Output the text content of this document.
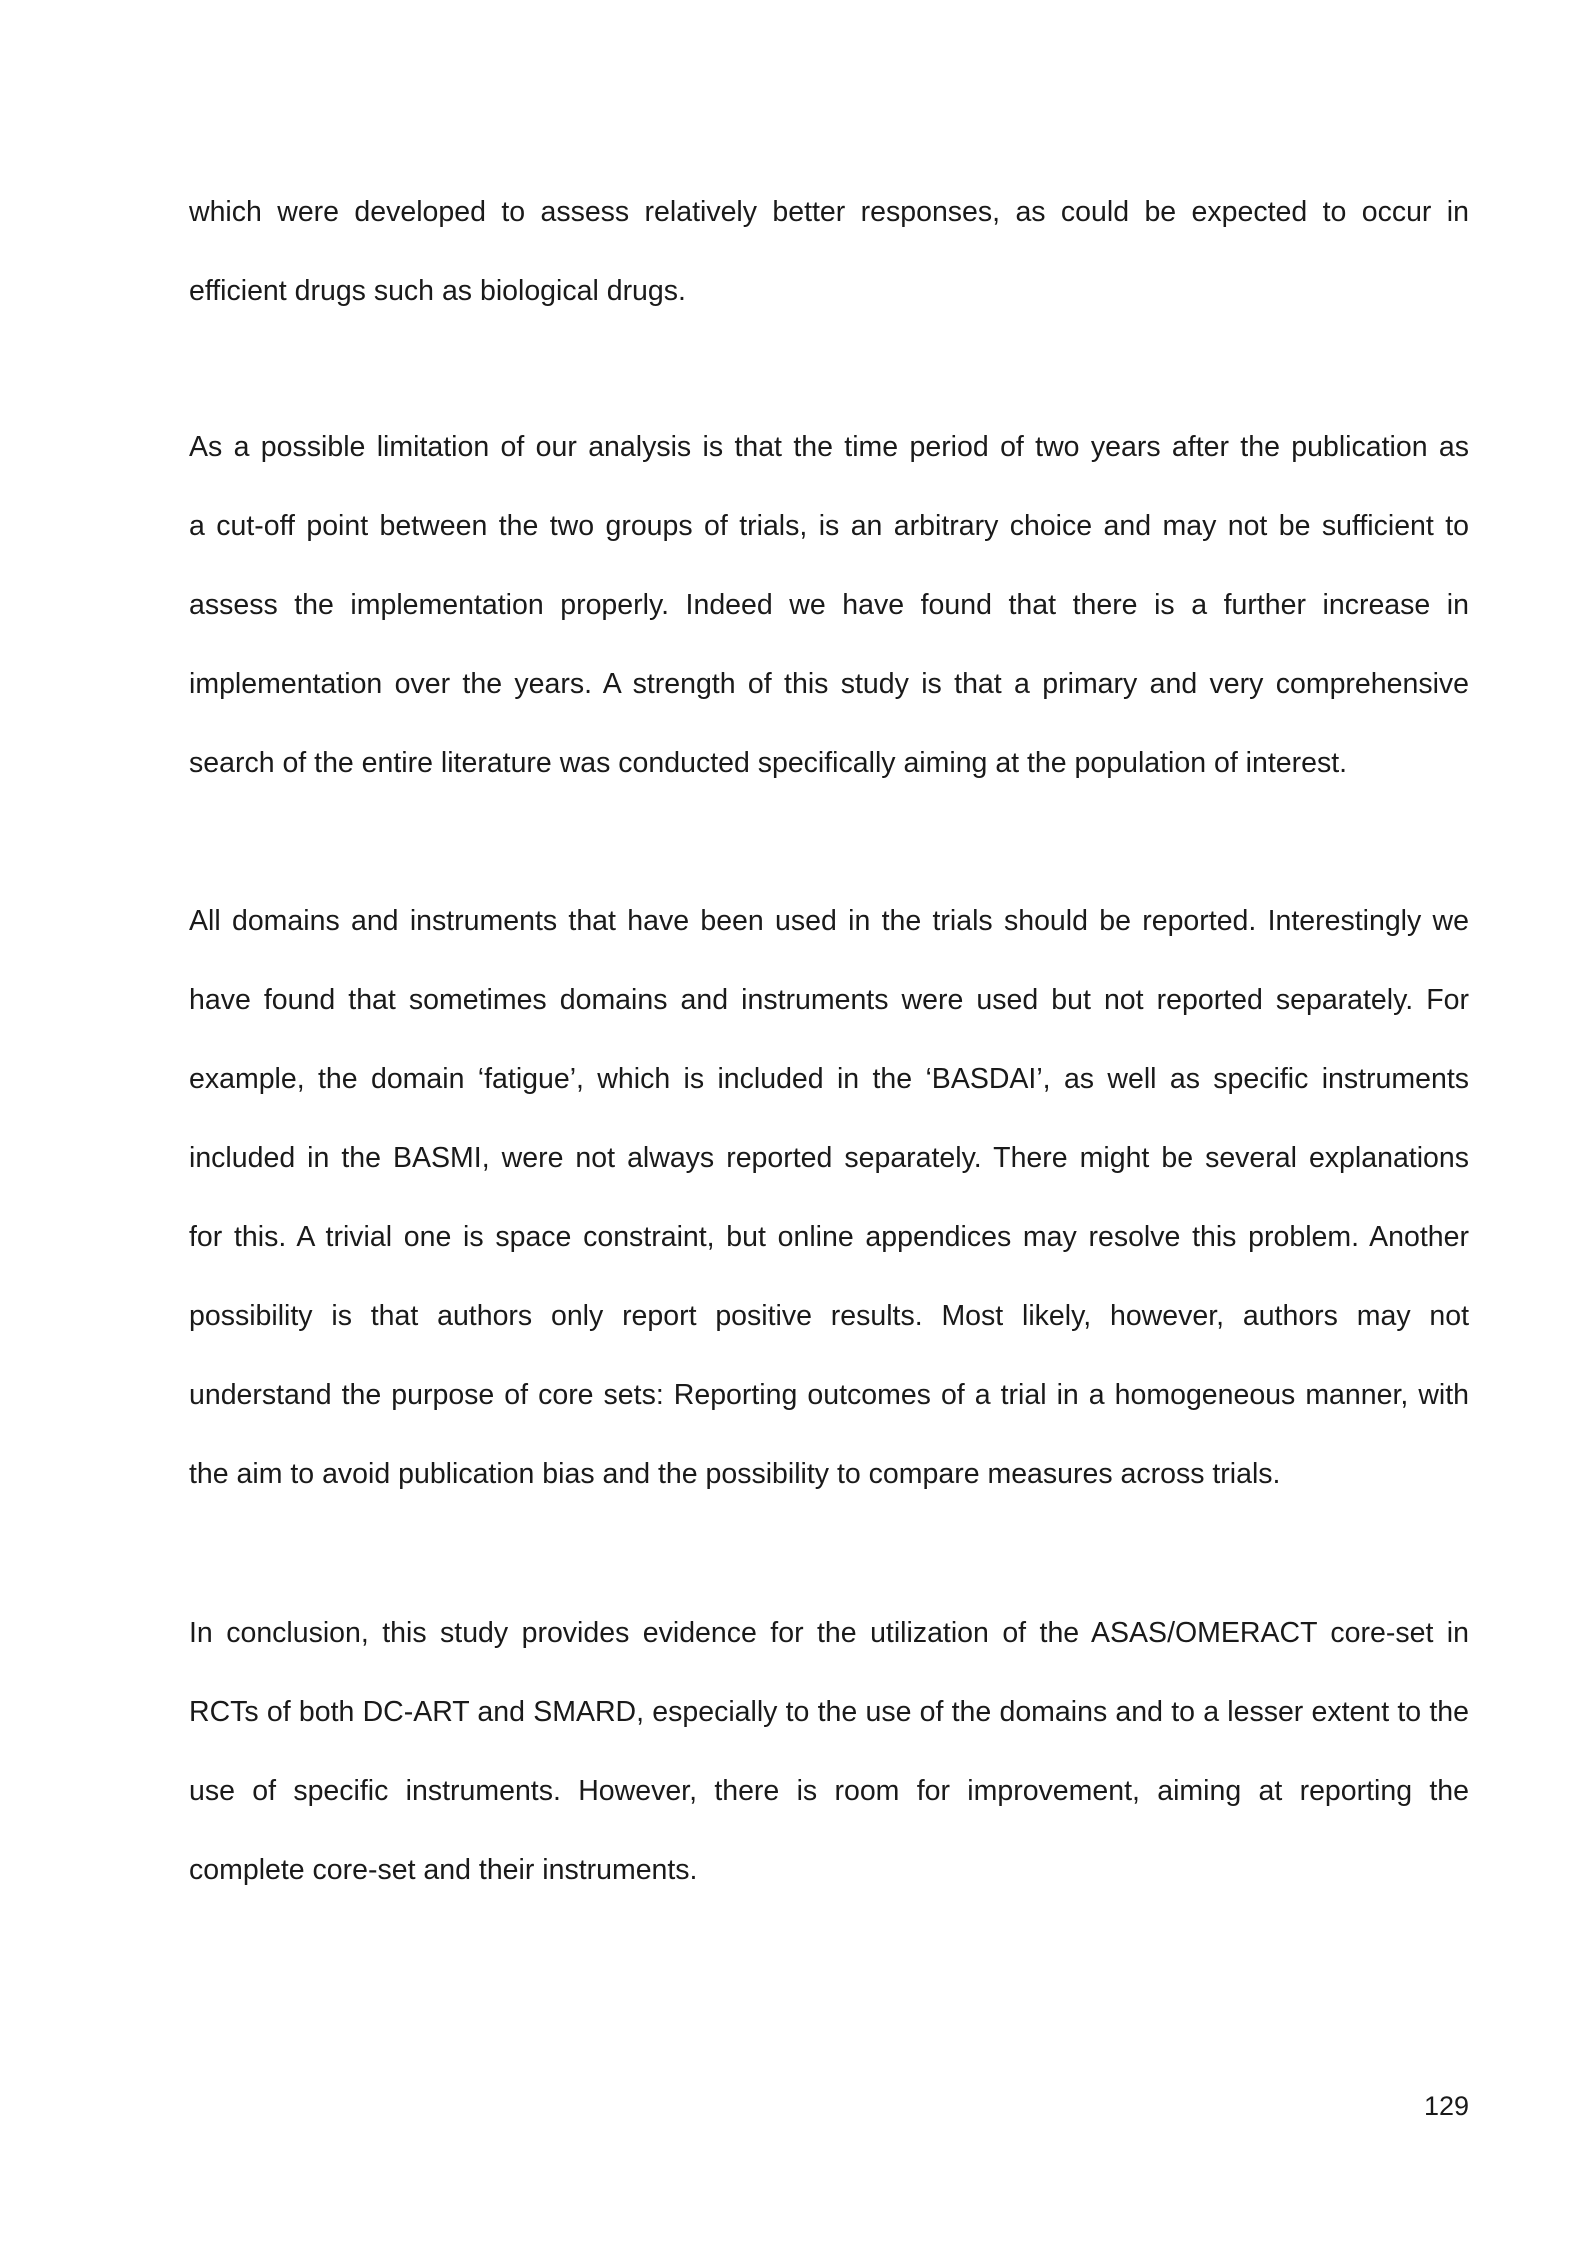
which were developed to assess relatively better responses, as could be expected to occur in
efficient drugs such as biological drugs.
As a possible limitation of our analysis is that the time period of two years after the publication as
a cut-off point between the two groups of trials, is an arbitrary choice and may not be sufficient to
assess the implementation properly. Indeed we have found that there is a further increase in
implementation over the years. A strength of this study is that a primary and very comprehensive
search of the entire literature was conducted specifically aiming at the population of interest.
All domains and instruments that have been used in the trials should be reported. Interestingly we
have found that sometimes domains and instruments were used but not reported separately. For
example, the domain ‘fatigue’, which is included in the ‘BASDAI’, as well as specific instruments
included in the BASMI, were not always reported separately. There might be several explanations
for this. A trivial one is space constraint, but online appendices may resolve this problem. Another
possibility is that authors only report positive results. Most likely, however, authors may not
understand the purpose of core sets: Reporting outcomes of a trial in a homogeneous manner, with
the aim to avoid publication bias and the possibility to compare measures across trials.
In conclusion, this study provides evidence for the utilization of the ASAS/OMERACT core-set in
RCTs of both DC-ART and SMARD, especially to the use of the domains and to a lesser extent to the
use of specific instruments. However, there is room for improvement, aiming at reporting the
complete core-set and their instruments.
129
